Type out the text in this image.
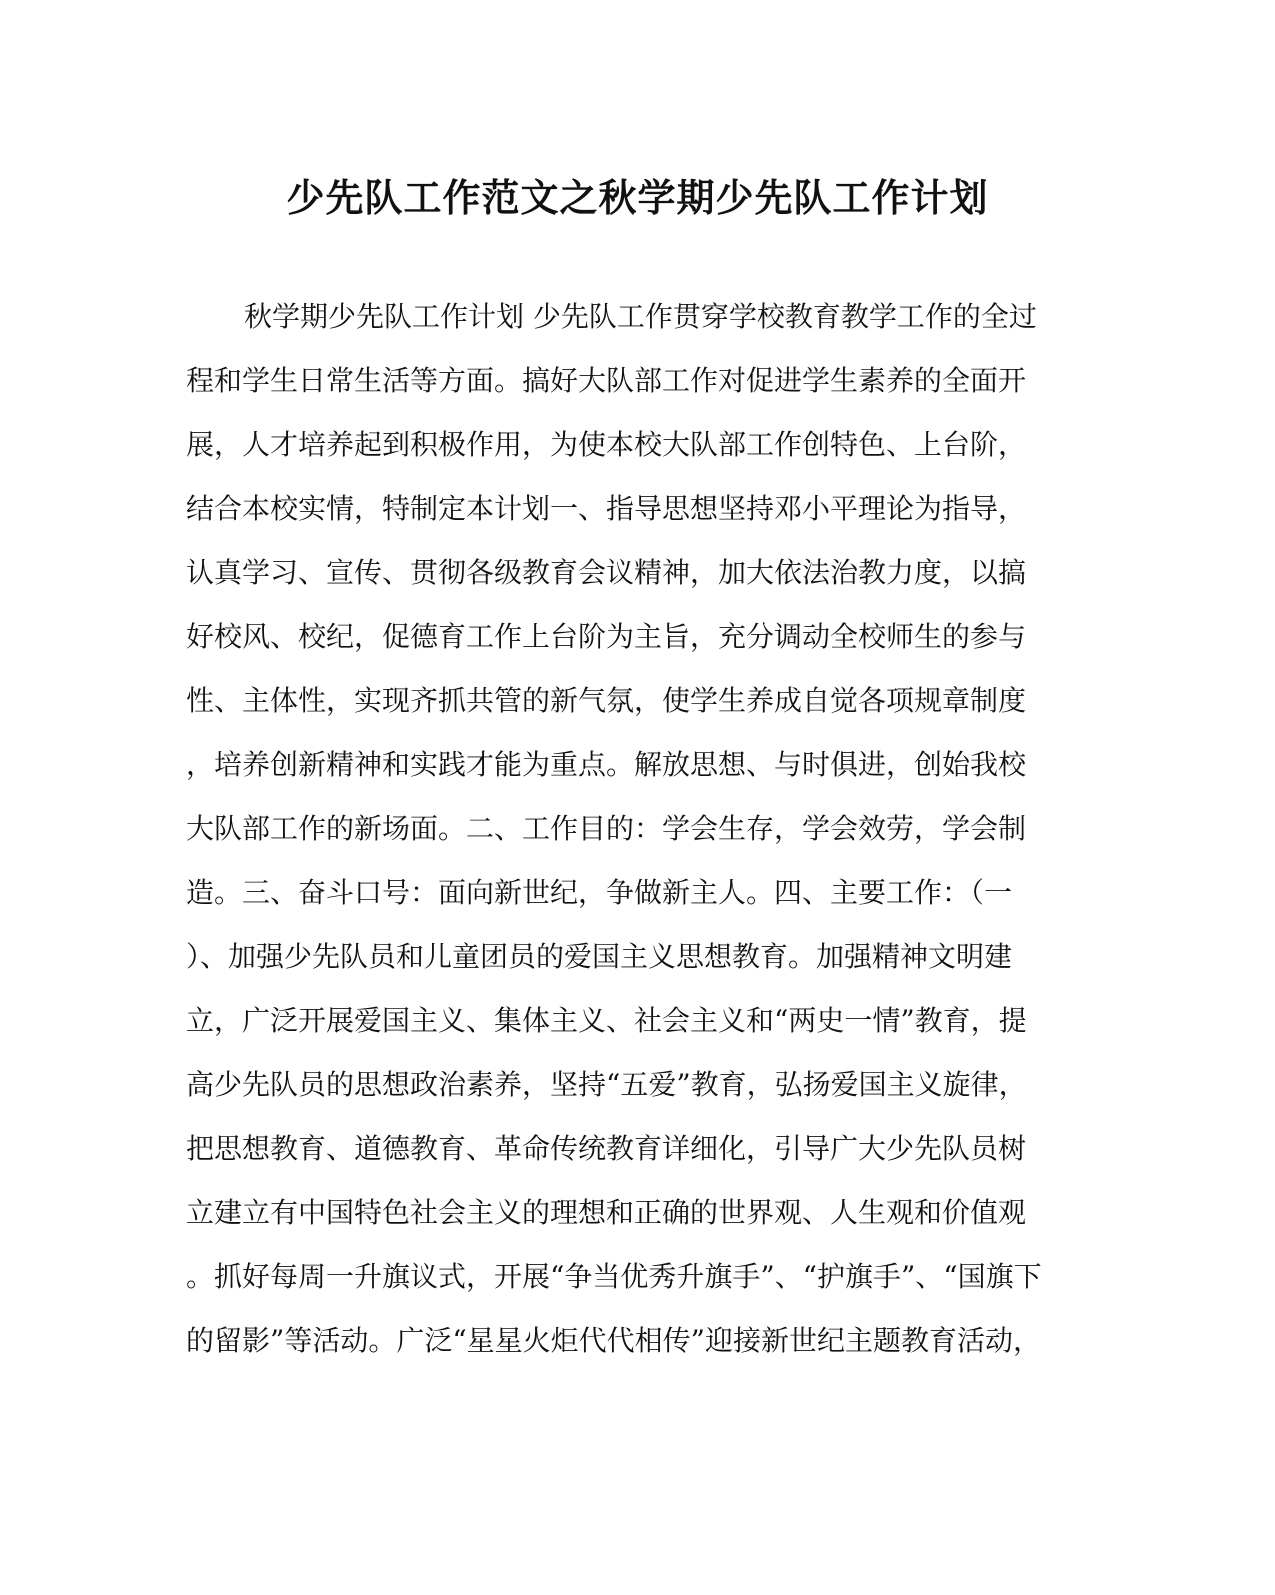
少先队工作范文之秋学期少先队工作计划
秋学期少先队工作计划 少先队工作贯穿学校教育教学工作的全过
程和学生日常生活等方面。搞好大队部工作对促进学生素养的全面开
展，人才培养起到积极作用，为使本校大队部工作创特色、上台阶，
结合本校实情，特制定本计划一、指导思想坚持邓小平理论为指导，
认真学习、宣传、贯彻各级教育会议精神，加大依法治教力度，以搞
好校风、校纪，促德育工作上台阶为主旨，充分调动全校师生的参与
性、主体性，实现齐抓共管的新气氛，使学生养成自觉各项规章制度
，培养创新精神和实践才能为重点。解放思想、与时俱进，创始我校
大队部工作的新场面。二、工作目的：学会生存，学会效劳，学会制
造。三、奋斗口号：面向新世纪，争做新主人。四、主要工作：（一
）、加强少先队员和儿童团员的爱国主义思想教育。加强精神文明建
立，广泛开展爱国主义、集体主义、社会主义和“两史一情”教育，提
高少先队员的思想政治素养，坚持“五爱”教育，弘扬爱国主义旋律，
把思想教育、道德教育、革命传统教育详细化，引导广大少先队员树
立建立有中国特色社会主义的理想和正确的世界观、人生观和价值观
。抓好每周一升旗议式，开展“争当优秀升旗手”、“护旗手”、“国旗下
的留影”等活动。广泛“星星火炬代代相传”迎接新世纪主题教育活动，
